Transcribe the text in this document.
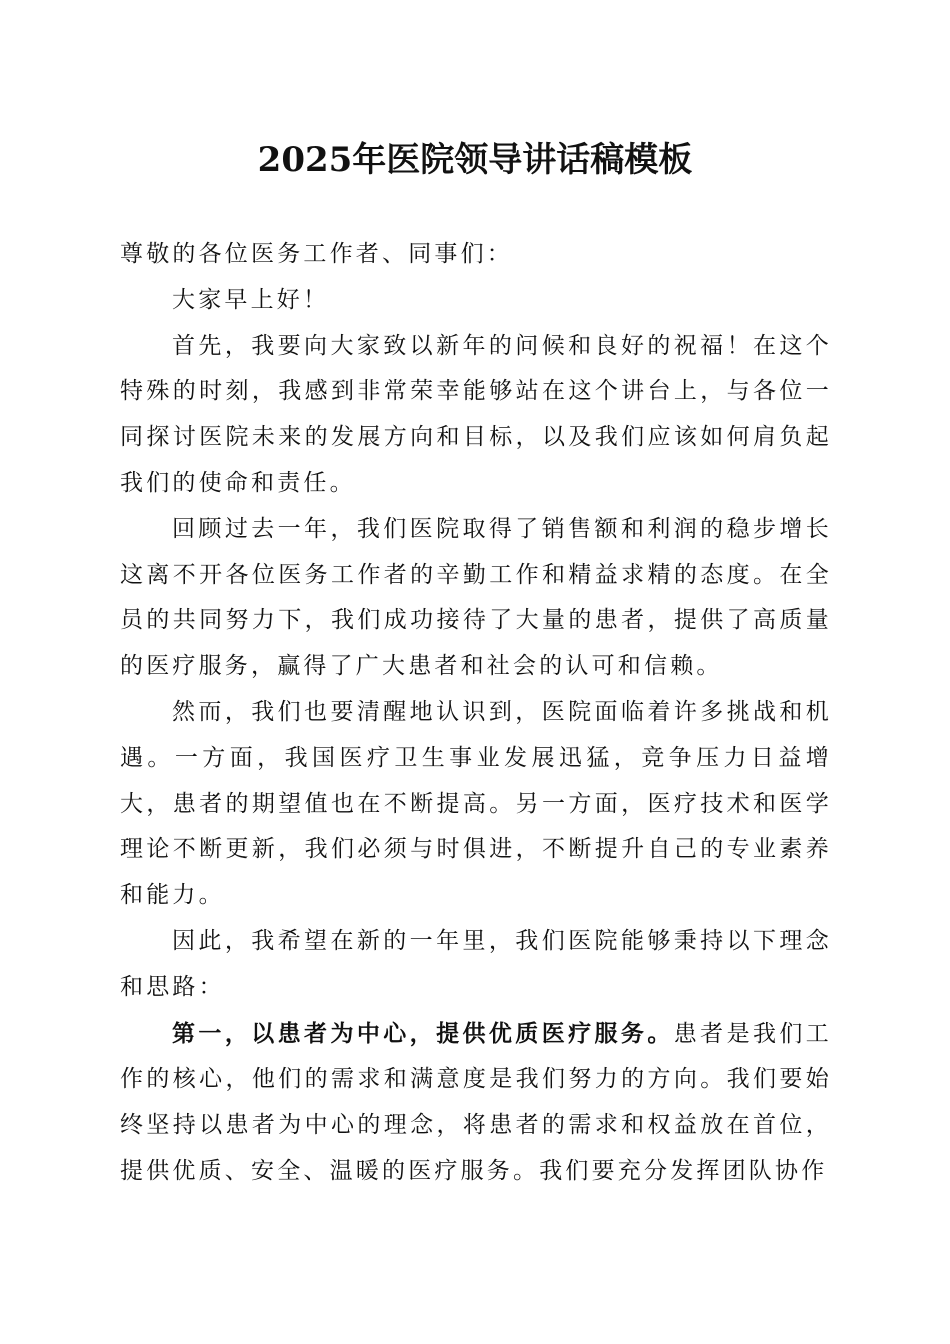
2025年医院领导讲话稿模板

尊敬的各位医务工作者、同事们：

大家早上好！

首先，我要向大家致以新年的问候和良好的祝福！在这个特殊的时刻，我感到非常荣幸能够站在这个讲台上，与各位一同探讨医院未来的发展方向和目标，以及我们应该如何肩负起我们的使命和责任。

回顾过去一年，我们医院取得了销售额和利润的稳步增长这离不开各位医务工作者的辛勤工作和精益求精的态度。在全员的共同努力下，我们成功接待了大量的患者，提供了高质量的医疗服务，赢得了广大患者和社会的认可和信赖。

然而，我们也要清醒地认识到，医院面临着许多挑战和机遇。一方面，我国医疗卫生事业发展迅猛，竞争压力日益增大，患者的期望值也在不断提高。另一方面，医疗技术和医学理论不断更新，我们必须与时俱进，不断提升自己的专业素养和能力。

因此，我希望在新的一年里，我们医院能够秉持以下理念和思路：

第一，以患者为中心，提供优质医疗服务。患者是我们工作的核心，他们的需求和满意度是我们努力的方向。我们要始终坚持以患者为中心的理念，将患者的需求和权益放在首位，提供优质、安全、温暖的医疗服务。我们要充分发挥团队协作
